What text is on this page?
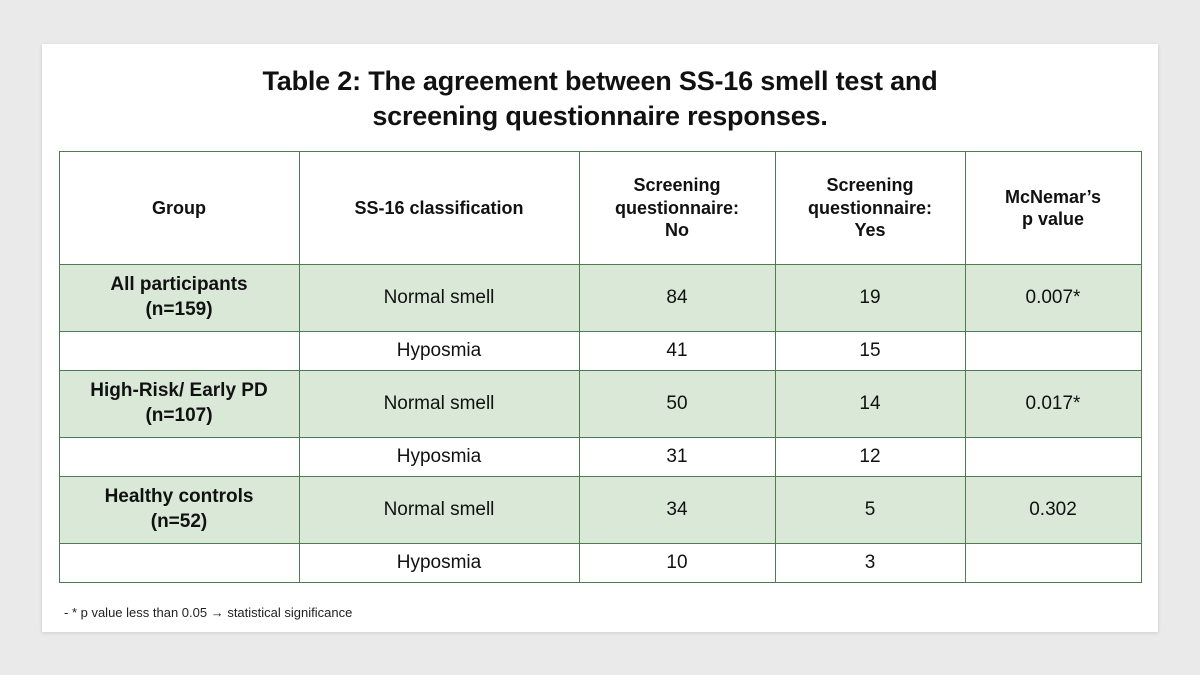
Table 2: The agreement between SS-16 smell test and
screening questionnaire responses.
Group	SS-16 classification	Screening
questionnaire:
No	Screening
questionnaire:
Yes	McNemar’s
p value
All participants
(n=159)	Normal smell	84	19	0.007*
	Hyposmia	41	15	
High-Risk/ Early PD
(n=107)	Normal smell	50	14	0.017*
	Hyposmia	31	12	
Healthy controls
(n=52)	Normal smell	34	5	0.302
	Hyposmia	10	3	
- * p value less than 0.05 → statistical significance
